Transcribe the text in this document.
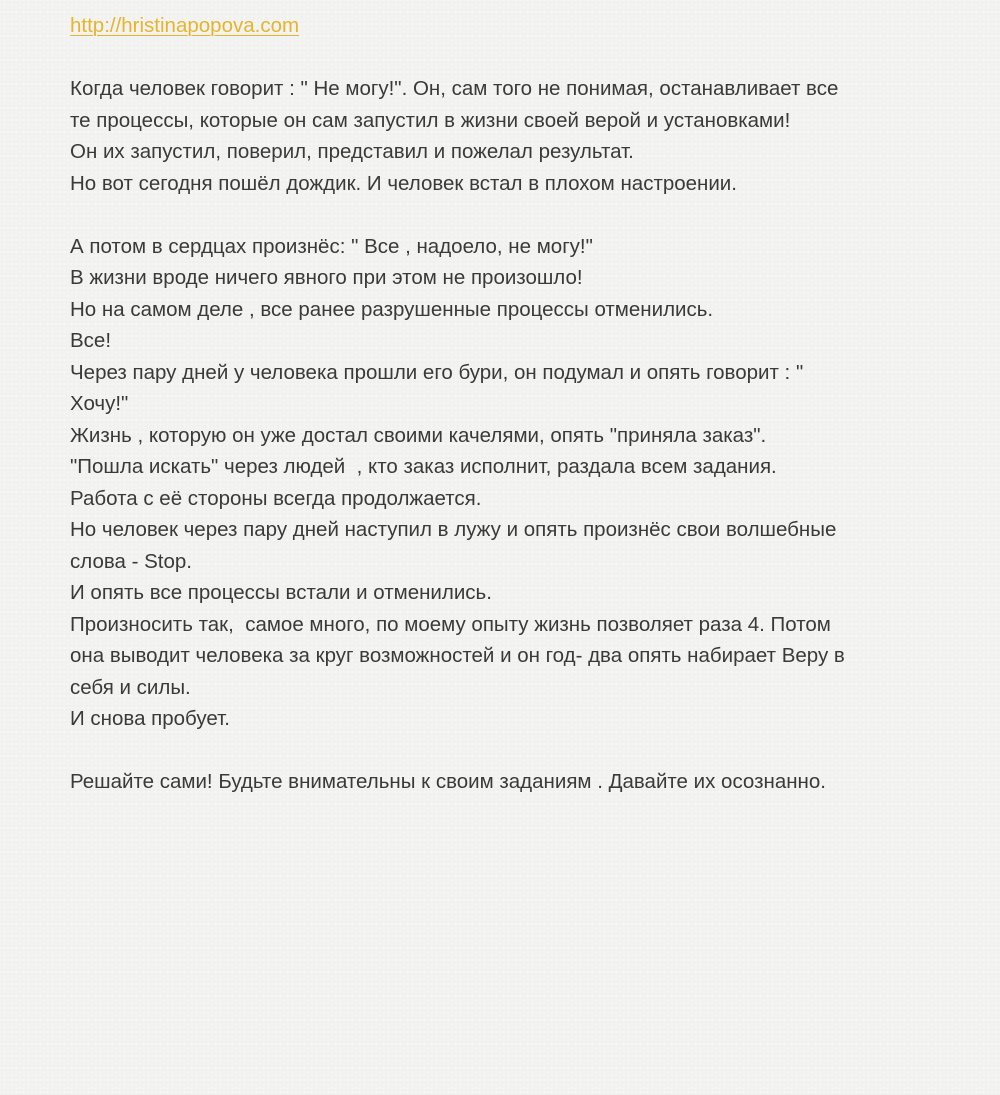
http://hristinapopova.com
Когда человек говорит : " Не могу!". Он, сам того не понимая, останавливает все
те процессы, которые он сам запустил в жизни своей верой и установками!
Он их запустил, поверил, представил и пожелал результат.
Но вот сегодня пошёл дождик. И человек встал в плохом настроении.
А потом в сердцах произнёс: " Все , надоело, не могу!"
В жизни вроде ничего явного при этом не произошло!
Но на самом деле , все ранее разрушенные процессы отменились.
Все!
Через пару дней у человека прошли его бури, он подумал и опять говорит : "
Хочу!"
Жизнь , которую он уже достал своими качелями, опять "приняла заказ".
"Пошла искать" через людей  , кто заказ исполнит, раздала всем задания.
Работа с её стороны всегда продолжается.
Но человек через пару дней наступил в лужу и опять произнёс свои волшебные
слова - Stop.
И опять все процессы встали и отменились.
Произносить так,  самое много, по моему опыту жизнь позволяет раза 4. Потом
она выводит человека за круг возможностей и он год- два опять набирает Веру в
себя и силы.
И снова пробует.
Решайте сами! Будьте внимательны к своим заданиям . Давайте их осознанно.
